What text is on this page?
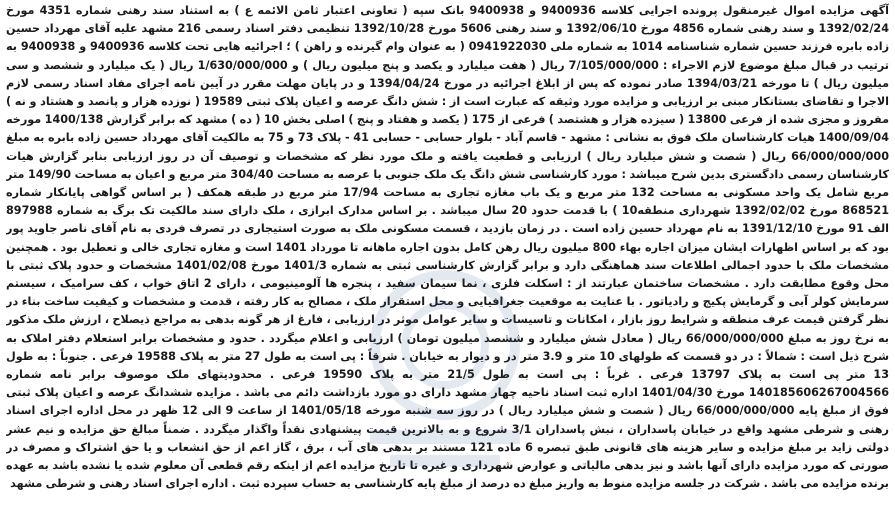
آگهی مزایده اموال غیرمنقول پرونده اجرایی کلاسه 9400936 و 9400938 بانک سپه ( تعاونی اعتبار ثامن الائمه ع ) به استناد سند رهنی شماره 4351 مورخ 1392/02/24 و سند رهنی شماره 4856 مورخ 1392/06/10 و سند رهنی 5606 مورخ 1392/10/28 تنظیمی دفتر اسناد رسمی 216 مشهد علیه آقای مهرداد حسین زاده بابره فرزند حسین شماره شناسنامه 1014 به شماره ملی 0941922030 ( به عنوان وام گیرنده و راهن ) ؛ اجرائیه هایی تحت کلاسه 9400936 و 9400938 به ترتیب در قبال مبلغ موضوع لازم الاجراء : 7/105/000/000 ریال ( هفت میلیارد و یکصد و پنج میلیون ریال ) و 1/630/000/000 ریال ( یک میلیارد و ششصد و سی میلیون ریال ) تا مورخه 1394/03/21 صادر نموده که پس از ابلاغ اجرائیه در مورخ 1394/04/24 و در پایان مهلت مقرر در آیین نامه اجرای مفاد اسناد رسمی لازم الاجرا و تقاضای بستانکار مبنی بر ارزیابی و مزایده مورد وثیقه که عبارت است از : شش دانگ عرصه و اعیان پلاک ثبتی 19589 ( نوزده هزار و پانصد و هشتاد و نه ) مفروز و مجزی شده از فرعی 13800 ( سیزده هزار و هشتصد ) فرعی از 175 ( یکصد و هفتاد و پنج ) اصلی بخش 10 ( ده ) مشهد که برابر گزارش 1400/138 مورخه 1400/09/04 هیات کارشناسان ملک فوق به نشانی : مشهد - قاسم آباد - بلوار حسابی - حسابی 41 - پلاک 73 و 75 به مالکیت آقای مهرداد حسین زاده بابره به مبلغ 66/000/000/000 ریال ( شصت و شش میلیارد ریال ) ارزیابی و قطعیت یافته و ملک مورد نظر که مشخصات و توصیف آن در روز ارزیابی بنابر گزارش هیات کارشناسان رسمی دادگستری بدین شرح میباشد : مورد کارشناسی شش دانگ یک ملک جنوبی با عرصه به مساحت 304/40 متر مربع و اعیان به مساحت 149/90 متر مربع شامل یک واحد مسکونی به مساحت 132 متر مربع و یک باب مغازه تجاری به مساحت 17/94 متر مربع در طبقه همکف ( بر اساس گواهی پایانکار شماره 868521 مورخ 1392/02/02 شهرداری منطقه10 ) با قدمت حدود 20 سال میباشد . بر اساس مدارک ابرازی ، ملک دارای سند مالکیت تک برگ به شماره 897988 الف 91 مورخ 1391/12/10 به نام مهرداد حسین زاده است . در زمان بازدید ، قسمت مسکونی ملک به صورت استیجاری در تصرف فردی به نام آقای ناصر جاوید پور بود که بر اساس اظهارات ایشان میزان اجاره بهاء 800 میلیون ریال رهن کامل بدون اجاره ماهانه تا مورداد 1401 است و مغازه تجاری خالی و تعطیل بود . همچنین مشخصات ملک با حدود اجمالی اطلاعات سند هماهنگی دارد و برابر گزارش کارشناسی ثبتی به شماره 1401/3 مورخ 1401/02/08 مشخصات و حدود پلاک ثبتی با محل وقوع مطابقت دارد . مشخصات ساختمان عبارتند از : اسکلت فلزی ، نما سیمان سفید ، پنجره ها آلومینیومی ، دارای 2 اتاق خواب ، کف سرامیک ، سیستم سرمایش کولر آبی و گرمایش پکیج و رادیاتور . با عنایت به موقعیت جغرافیایی و محل استقرار ملک ، مصالح به کار رفته ، قدمت و مشخصات و کیفیت ساخت بناء در نظر گرفتن قیمت عرف منطقه و شرایط روز بازار ، امکانات و تاسیسات و سایر عوامل موثر در ارزیابی ، فارغ از هر گونه بدهی به مراجع ذیصلاح ، ارزش ملک مذکور به نرخ روز به مبلغ 66/000/000/000 ریال ( معادل شش میلیارد و ششصد میلیون تومان ) ارزیابی و اعلام میگردد . حدود و مشخصات برابر استعلام دفتر املاک به شرح ذیل است : شمالاً : در دو قسمت که طولهای 10 متر و 3.9 متر در و دیوار به خیابان . شرقاً : پی است به طول 27 متر به پلاک 19588 فرعی . جنوباً : به طول 13 متر پی است به پلاک 13797 فرعی . غرباً : پی است به طول 21/5 متر به پلاک 19590 فرعی . محدودیتهای ملک موصوف برابر نامه شماره 140185606267004566 مورخ 1401/04/30 اداره ثبت اسناد ناحیه چهار مشهد دارای دو مورد بازداشت دائم می باشد . مزایده ششدانگ عرصه و اعیان پلاک ثبتی فوق از مبلغ پایه 66/000/000/000 ریال ( شصت و شش میلیارد ریال ) در روز سه شنبه مورخه 1401/05/18 از ساعت 9 الی 12 ظهر در محل اداره اجرای اسناد رهنی و شرطی مشهد واقع در خیابان پاسداران ، نبش پاسداران 3/1 شروع و به بالاترین قیمت پیشنهادی نقداً واگذار میگردد . ضمناً مبالغ حق مزایده و نیم عشر دولتی زاید بر مبلغ مزایده و سایر هزینه های قانونی طبق تبصره 6 ماده 121 مستند بر بدهی های آب ، برق ، گاز اعم از حق انشعاب و یا حق اشتراک و مصرف در صورتی که مورد مزایده دارای آنها باشد و نیز بدهی مالیاتی و عوارض شهرداری و غیره تا تاریخ مزایده اعم از اینکه رقم قطعی آن معلوم شده یا نشده باشد به عهده برنده مزایده می باشد . شرکت در جلسه مزایده منوط به واریز مبلغ ده درصد از مبلغ پایه کارشناسی به حساب سپرده ثبت . اداره اجرای اسناد رهنی و شرطی مشهد
